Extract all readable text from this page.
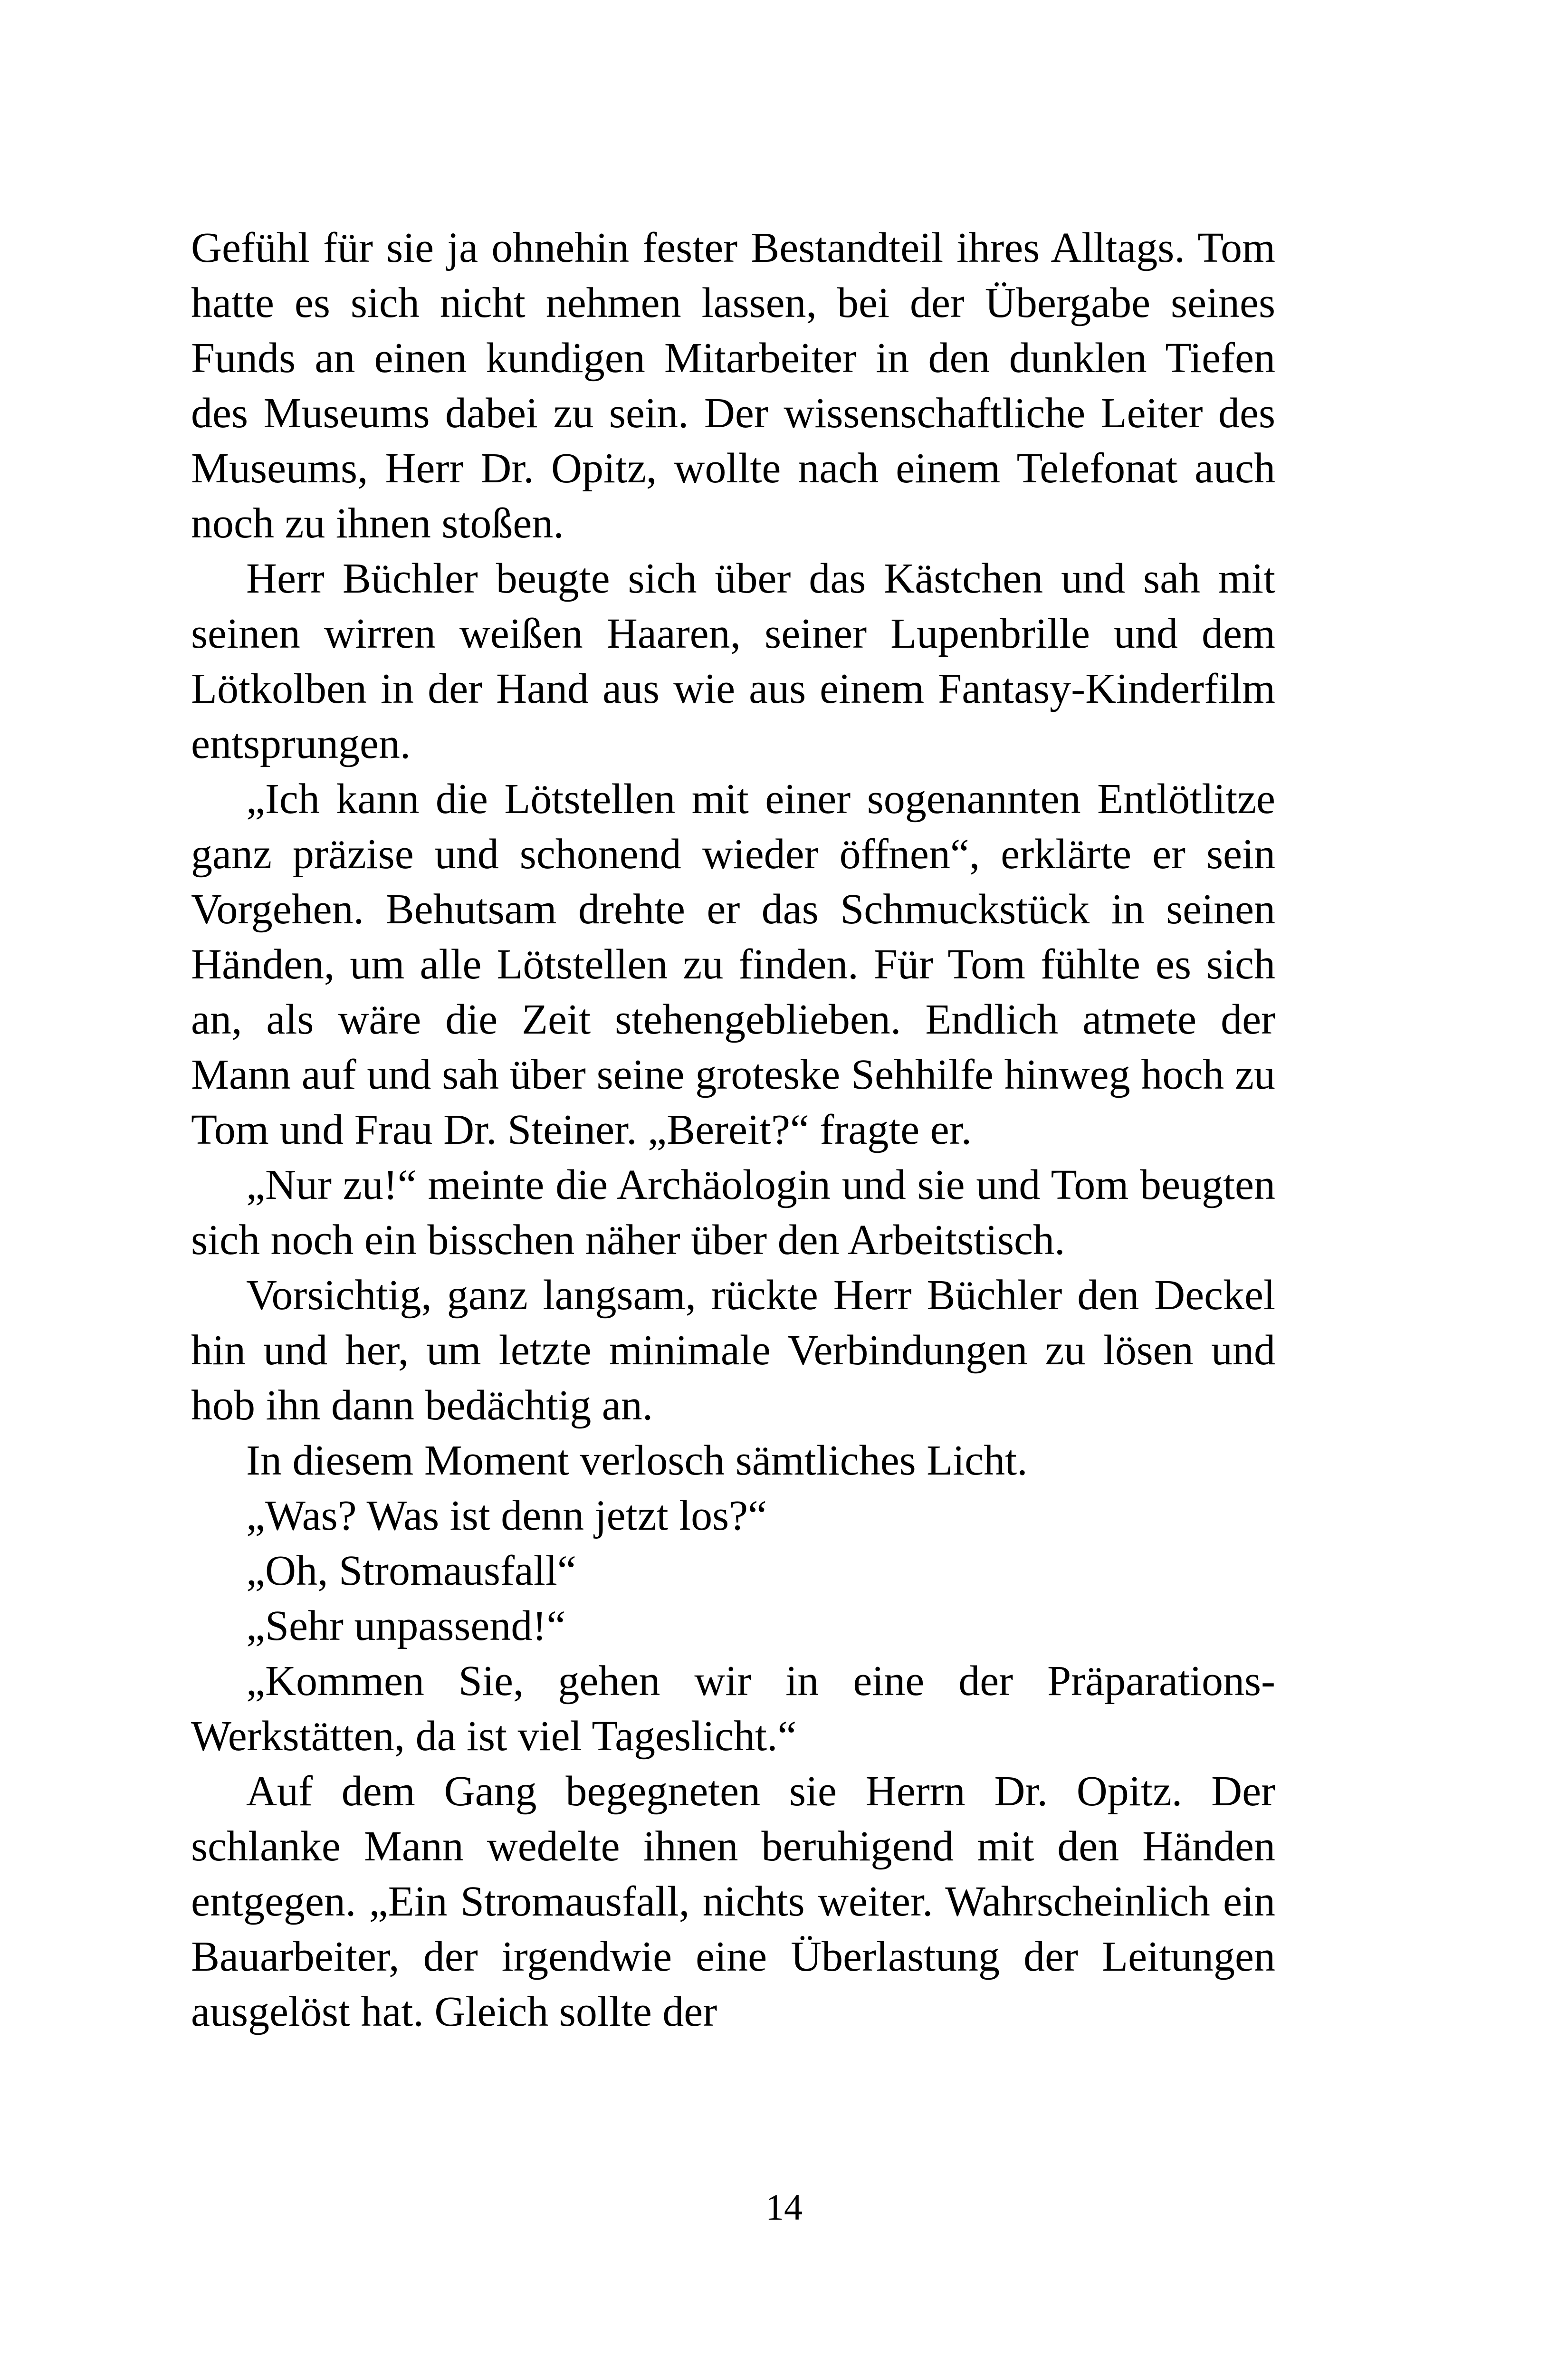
Gefühl für sie ja ohnehin fester Bestandteil ihres Alltags. Tom hatte es sich nicht nehmen lassen, bei der Übergabe seines Funds an einen kundigen Mitarbeiter in den dunklen Tiefen des Museums dabei zu sein. Der wissenschaftliche Leiter des Museums, Herr Dr. Opitz, wollte nach einem Telefonat auch noch zu ihnen stoßen.

Herr Büchler beugte sich über das Kästchen und sah mit seinen wirren weißen Haaren, seiner Lupenbrille und dem Lötkolben in der Hand aus wie aus einem Fantasy-Kinderfilm entsprungen.

„Ich kann die Lötstellen mit einer sogenannten Entlötlitze ganz präzise und schonend wieder öffnen“, erklärte er sein Vorgehen. Behutsam drehte er das Schmuckstück in seinen Händen, um alle Lötstellen zu finden. Für Tom fühlte es sich an, als wäre die Zeit stehengeblieben. Endlich atmete der Mann auf und sah über seine groteske Sehhilfe hinweg hoch zu Tom und Frau Dr. Steiner. „Bereit?“ fragte er.

„Nur zu!“ meinte die Archäologin und sie und Tom beugten sich noch ein bisschen näher über den Arbeitstisch.

Vorsichtig, ganz langsam, rückte Herr Büchler den Deckel hin und her, um letzte minimale Verbindungen zu lösen und hob ihn dann bedächtig an.

In diesem Moment verlosch sämtliches Licht.

„Was? Was ist denn jetzt los?“

„Oh, Stromausfall“

„Sehr unpassend!“

„Kommen Sie, gehen wir in eine der Präparations-Werkstätten, da ist viel Tageslicht.“

Auf dem Gang begegneten sie Herrn Dr. Opitz. Der schlanke Mann wedelte ihnen beruhigend mit den Händen entgegen. „Ein Stromausfall, nichts weiter. Wahrscheinlich ein Bauarbeiter, der irgendwie eine Überlastung der Leitungen ausgelöst hat. Gleich sollte der

14
